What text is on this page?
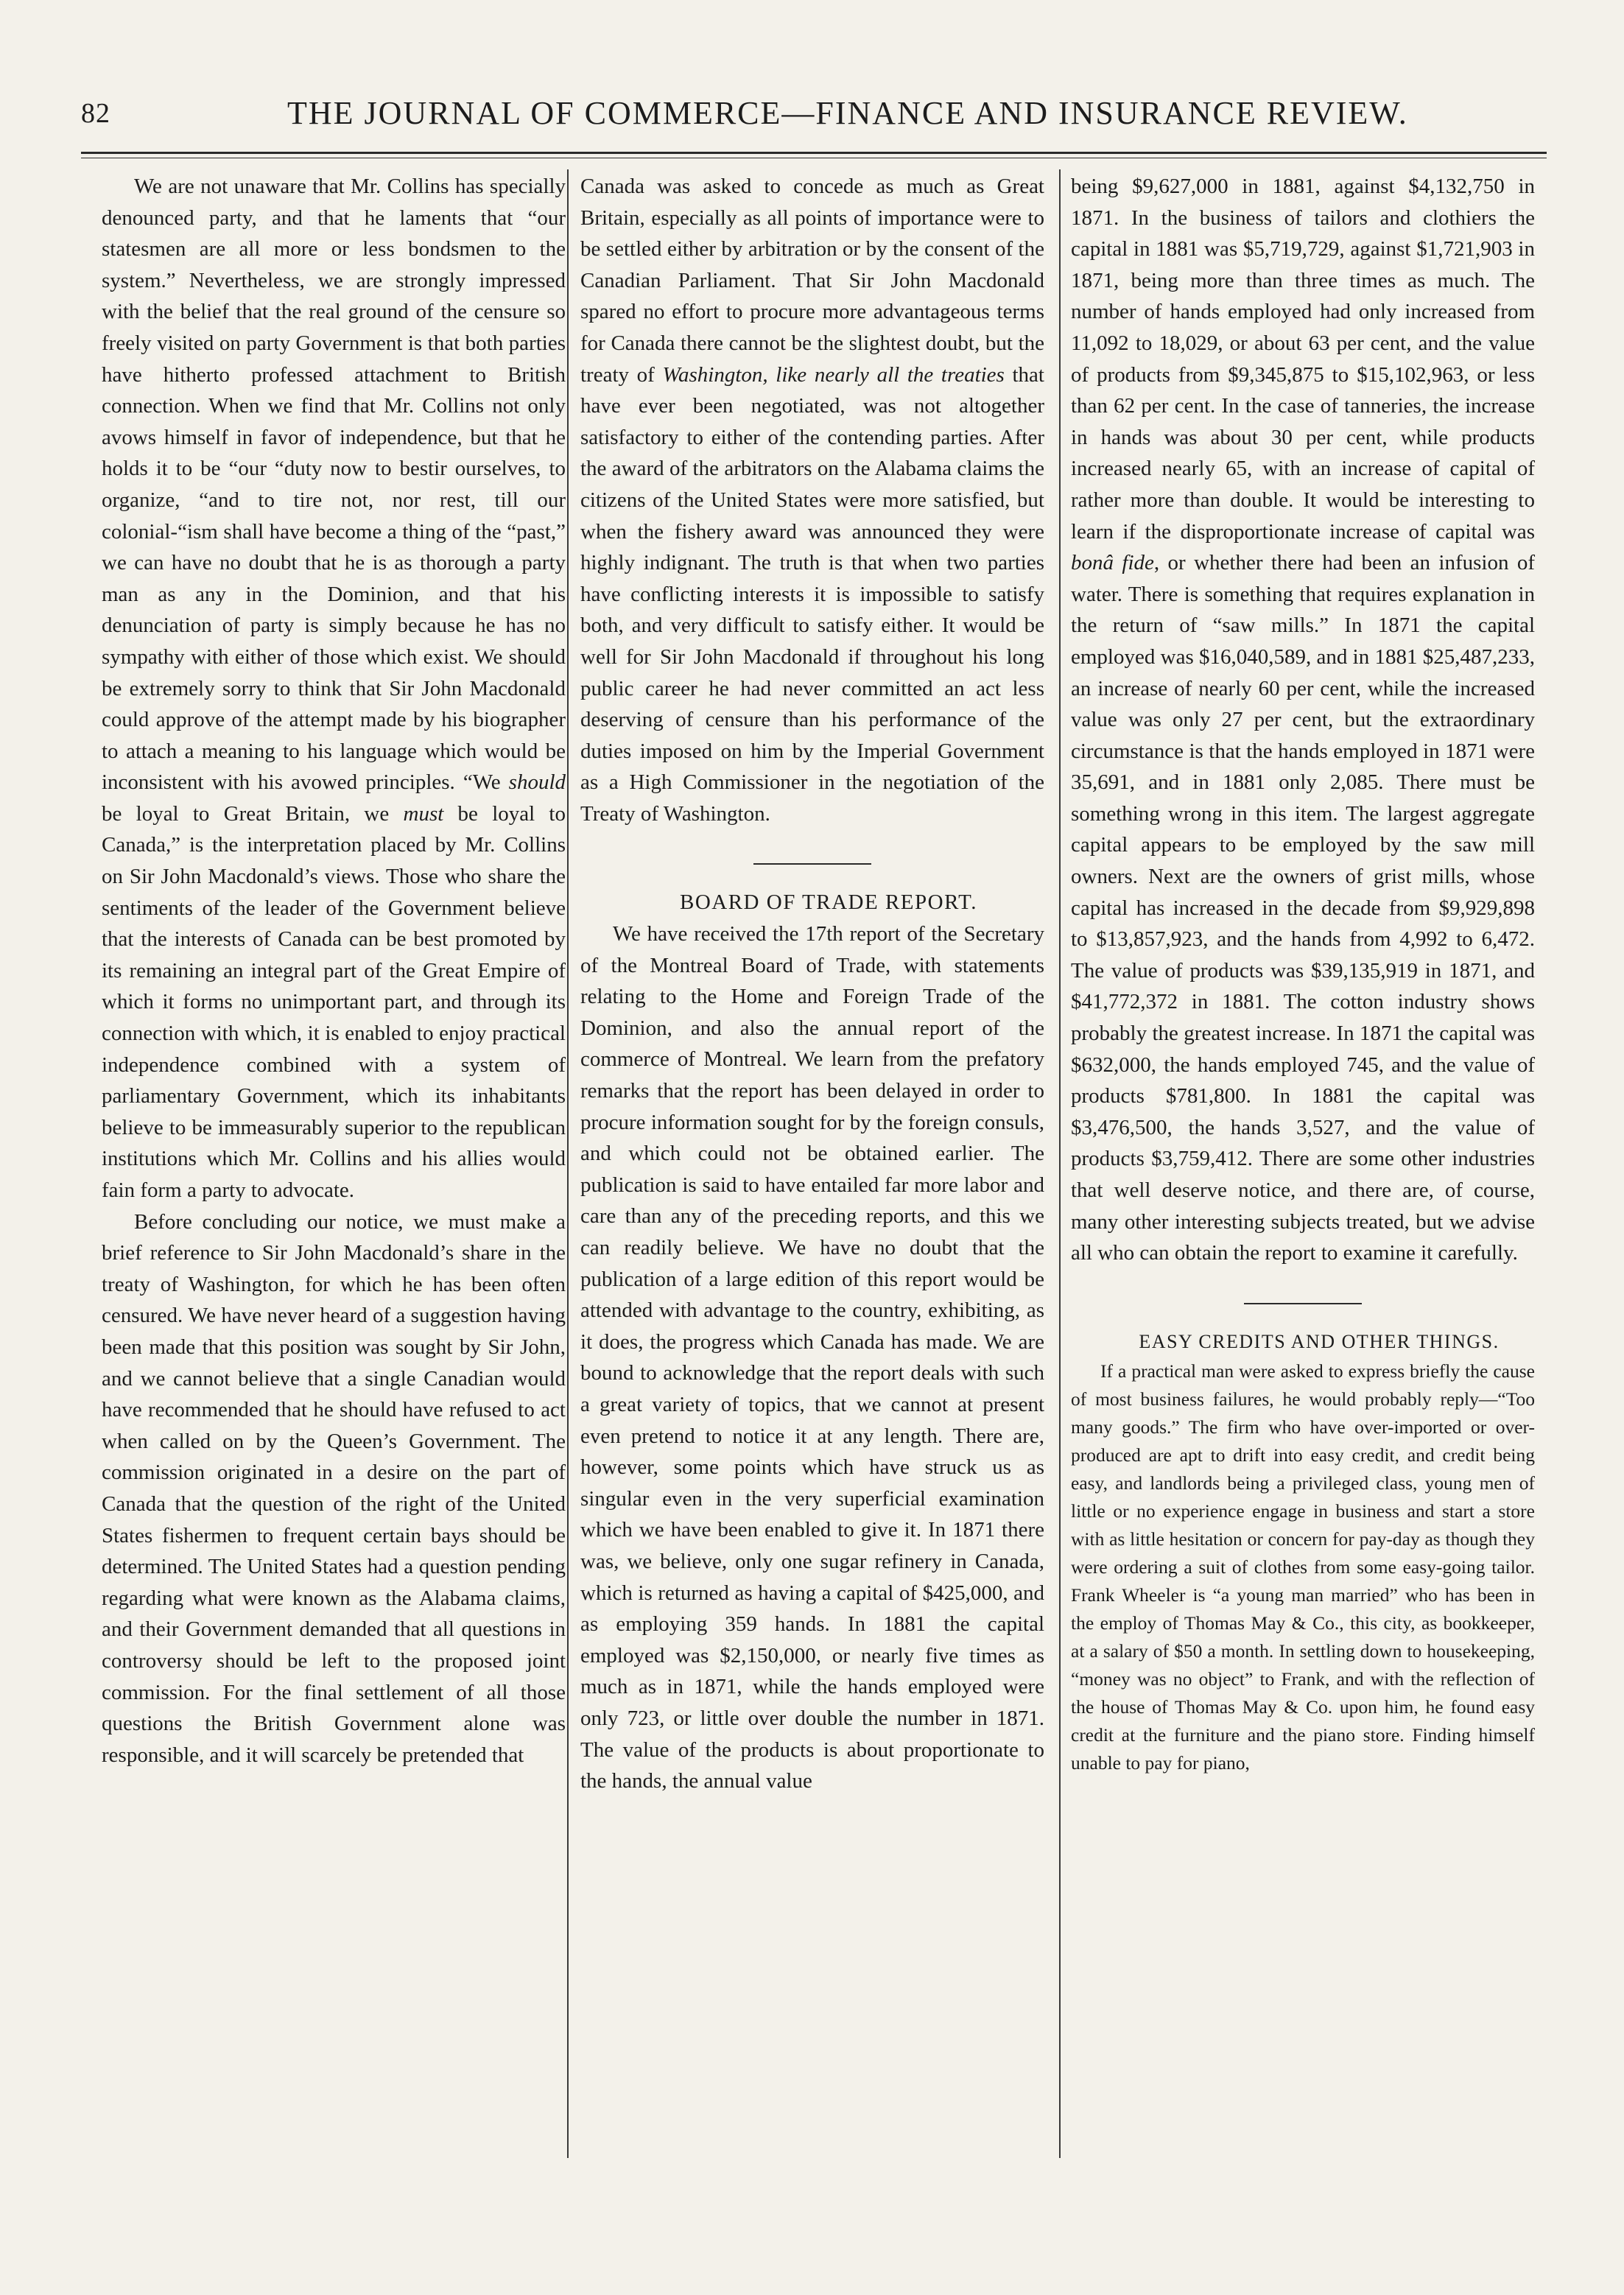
82	THE JOURNAL OF COMMERCE—FINANCE AND INSURANCE REVIEW.

We are not unaware that Mr. Collins has specially denounced party, and that he laments that “our statesmen are all more or less bondsmen to the system.” Nevertheless, we are strongly impressed with the belief that the real ground of the censure so freely visited on party Government is that both parties have hitherto professed attachment to British connection. When we find that Mr. Collins not only avows himself in favor of independence, but that he holds it to be “our “duty now to bestir ourselves, to organize, “and to tire not, nor rest, till our colonial-“ism shall have become a thing of the “past,” we can have no doubt that he is as thorough a party man as any in the Dominion, and that his denunciation of party is simply because he has no sympathy with either of those which exist. We should be extremely sorry to think that Sir John Macdonald could approve of the attempt made by his biographer to attach a meaning to his language which would be inconsistent with his avowed principles. “We should be loyal to Great Britain, we must be loyal to Canada,” is the interpretation placed by Mr. Collins on Sir John Macdonald’s views. Those who share the sentiments of the leader of the Government believe that the interests of Canada can be best promoted by its remaining an integral part of the Great Empire of which it forms no unimportant part, and through its connection with which, it is enabled to enjoy practical independence combined with a system of parliamentary Government, which its inhabitants believe to be immeasurably superior to the republican institutions which Mr. Collins and his allies would fain form a party to advocate.

Before concluding our notice, we must make a brief reference to Sir John Macdonald’s share in the treaty of Washington, for which he has been often censured. We have never heard of a suggestion having been made that this position was sought by Sir John, and we cannot believe that a single Canadian would have recommended that he should have refused to act when called on by the Queen’s Government. The commission originated in a desire on the part of Canada that the question of the right of the United States fishermen to frequent certain bays should be determined. The United States had a question pending regarding what were known as the Alabama claims, and their Government demanded that all questions in controversy should be left to the proposed joint commission. For the final settlement of all those questions the British Government alone was responsible, and it will scarcely be pretended that

Canada was asked to concede as much as Great Britain, especially as all points of importance were to be settled either by arbitration or by the consent of the Canadian Parliament. That Sir John Macdonald spared no effort to procure more advantageous terms for Canada there cannot be the slightest doubt, but the treaty of Washington, like nearly all the treaties that have ever been negotiated, was not altogether satisfactory to either of the contending parties. After the award of the arbitrators on the Alabama claims the citizens of the United States were more satisfied, but when the fishery award was announced they were highly indignant. The truth is that when two parties have conflicting interests it is impossible to satisfy both, and very difficult to satisfy either. It would be well for Sir John Macdonald if throughout his long public career he had never committed an act less deserving of censure than his performance of the duties imposed on him by the Imperial Government as a High Commissioner in the negotiation of the Treaty of Washington.

BOARD OF TRADE REPORT.

We have received the 17th report of the Secretary of the Montreal Board of Trade, with statements relating to the Home and Foreign Trade of the Dominion, and also the annual report of the commerce of Montreal. We learn from the prefatory remarks that the report has been delayed in order to procure information sought for by the foreign consuls, and which could not be obtained earlier. The publication is said to have entailed far more labor and care than any of the preceding reports, and this we can readily believe. We have no doubt that the publication of a large edition of this report would be attended with advantage to the country, exhibiting, as it does, the progress which Canada has made. We are bound to acknowledge that the report deals with such a great variety of topics, that we cannot at present even pretend to notice it at any length. There are, however, some points which have struck us as singular even in the very superficial examination which we have been enabled to give it. In 1871 there was, we believe, only one sugar refinery in Canada, which is returned as having a capital of $425,000, and as employing 359 hands. In 1881 the capital employed was $2,150,000, or nearly five times as much as in 1871, while the hands employed were only 723, or little over double the number in 1871. The value of the products is about proportionate to the hands, the annual value

being $9,627,000 in 1881, against $4,132,750 in 1871. In the business of tailors and clothiers the capital in 1881 was $5,719,729, against $1,721,903 in 1871, being more than three times as much. The number of hands employed had only increased from 11,092 to 18,029, or about 63 per cent, and the value of products from $9,345,875 to $15,102,963, or less than 62 per cent. In the case of tanneries, the increase in hands was about 30 per cent, while products increased nearly 65, with an increase of capital of rather more than double. It would be interesting to learn if the disproportionate increase of capital was bonâ fide, or whether there had been an infusion of water. There is something that requires explanation in the return of “saw mills.” In 1871 the capital employed was $16,040,589, and in 1881 $25,487,233, an increase of nearly 60 per cent, while the increased value was only 27 per cent, but the extraordinary circumstance is that the hands employed in 1871 were 35,691, and in 1881 only 2,085. There must be something wrong in this item. The largest aggregate capital appears to be employed by the saw mill owners. Next are the owners of grist mills, whose capital has increased in the decade from $9,929,898 to $13,857,923, and the hands from 4,992 to 6,472. The value of products was $39,135,919 in 1871, and $41,772,372 in 1881. The cotton industry shows probably the greatest increase. In 1871 the capital was $632,000, the hands employed 745, and the value of products $781,800. In 1881 the capital was $3,476,500, the hands 3,527, and the value of products $3,759,412. There are some other industries that well deserve notice, and there are, of course, many other interesting subjects treated, but we advise all who can obtain the report to examine it carefully.

EASY CREDITS AND OTHER THINGS.

If a practical man were asked to express briefly the cause of most business failures, he would probably reply—“Too many goods.” The firm who have over-imported or over-produced are apt to drift into easy credit, and credit being easy, and landlords being a privileged class, young men of little or no experience engage in business and start a store with as little hesitation or concern for pay-day as though they were ordering a suit of clothes from some easy-going tailor. Frank Wheeler is “a young man married” who has been in the employ of Thomas May & Co., this city, as bookkeeper, at a salary of $50 a month. In settling down to housekeeping, “money was no object” to Frank, and with the reflection of the house of Thomas May & Co. upon him, he found easy credit at the furniture and the piano store. Finding himself unable to pay for piano,
